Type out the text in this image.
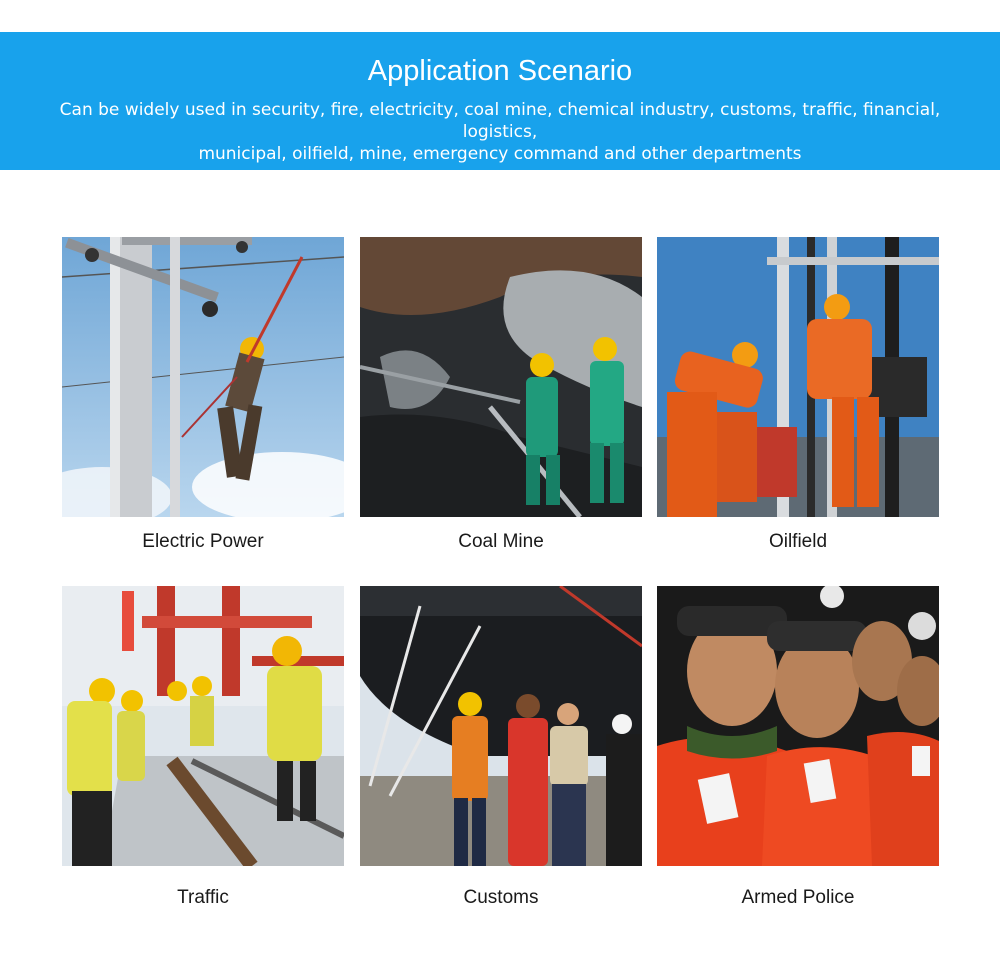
Application Scenario
Can be widely used in security, fire, electricity, coal mine, chemical industry, customs, traffic, financial, logistics,
municipal, oilfield, mine, emergency command and other departments
Electric Power	Coal Mine	Oilfield
Traffic	Customs	Armed Police
